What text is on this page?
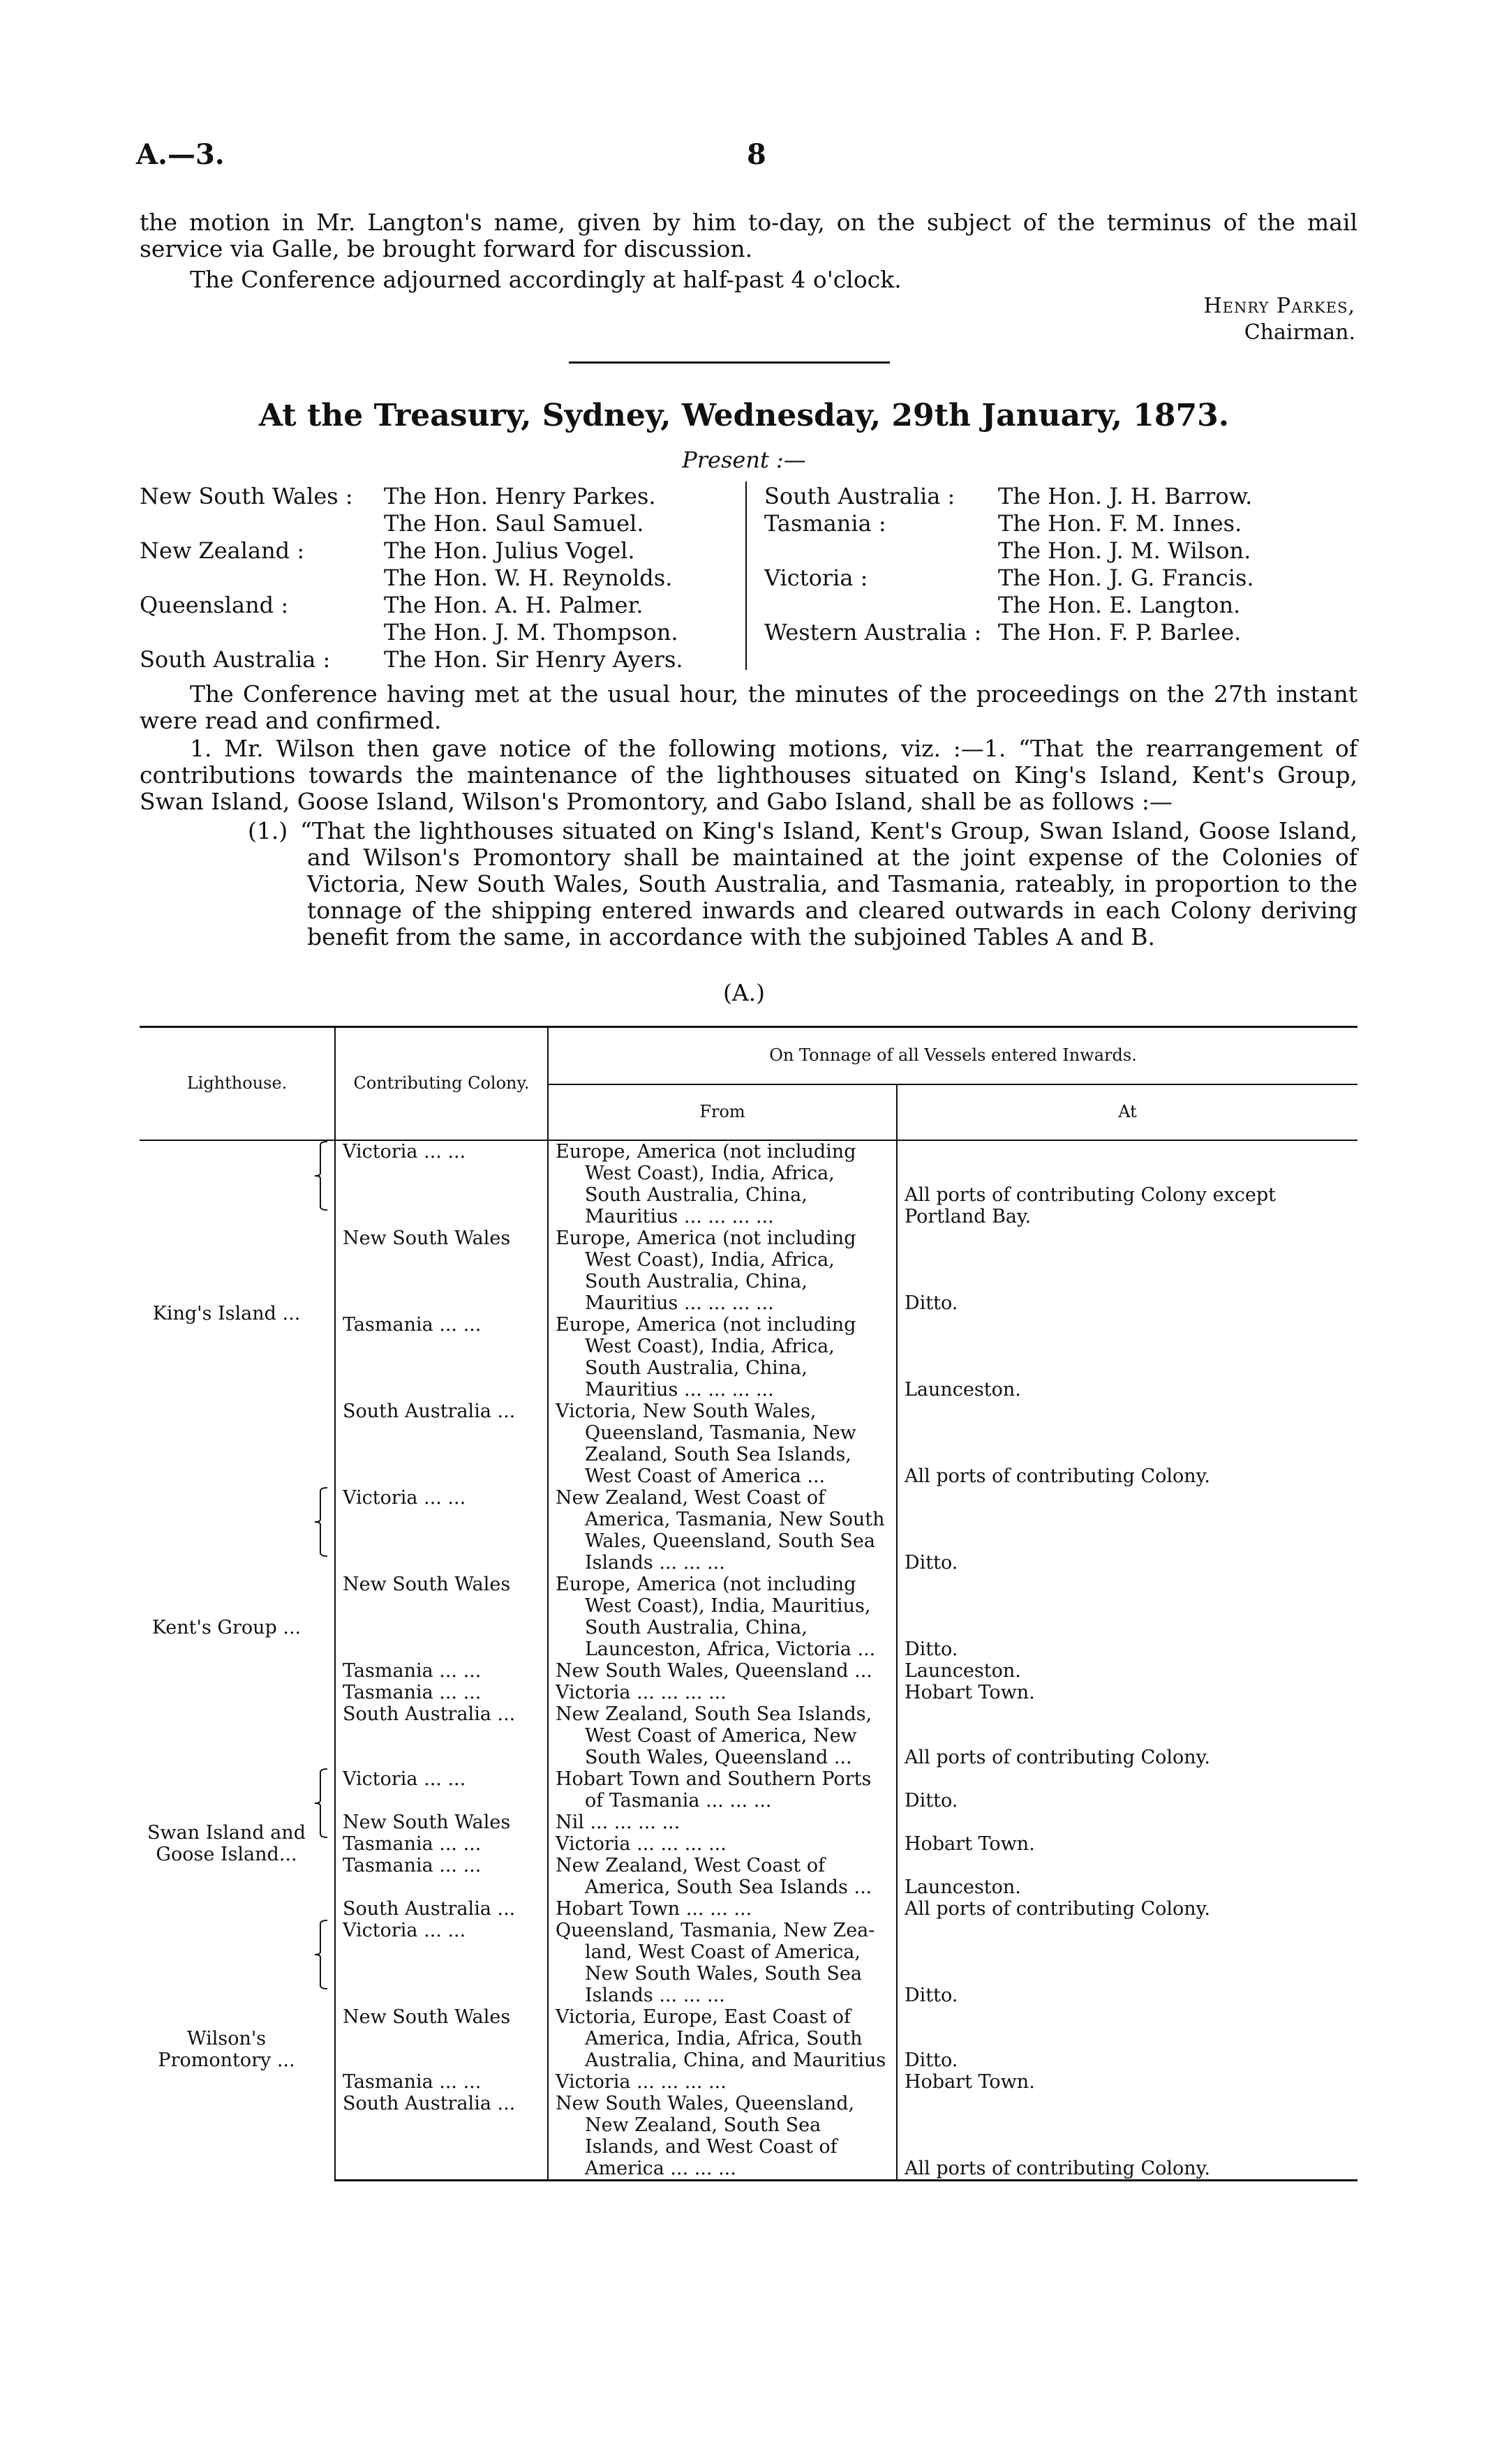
A.—3.	8
the motion in Mr. Langton's name, given by him to-day, on the subject of the terminus of the mail service via Galle, be brought forward for discussion.
The Conference adjourned accordingly at half-past 4 o'clock.
Henry Parkes,
Chairman.
At the Treasury, Sydney, Wednesday, 29th January, 1873.
Present :—
New South Wales : The Hon. Henry Parkes.
The Hon. Saul Samuel.
New Zealand :	The Hon. Julius Vogel.
The Hon. W. H. Reynolds.
Queensland :	The Hon. A. H. Palmer.
The Hon. J. M. Thompson.
South Australia : The Hon. Sir Henry Ayers.
South Australia : The Hon. J. H. Barrow.
Tasmania :	The Hon. F. M. Innes.
The Hon. J. M. Wilson.
Victoria :	The Hon. J. G. Francis.
The Hon. E. Langton.
Western Australia : The Hon. F. P. Barlee.
The Conference having met at the usual hour, the minutes of the proceedings on the 27th instant were read and confirmed.
1. Mr. Wilson then gave notice of the following motions, viz. :—1. “That the rearrangement of contributions towards the maintenance of the lighthouses situated on King's Island, Kent's Group, Swan Island, Goose Island, Wilson's Promontory, and Gabo Island, shall be as follows :—
(1.) “That the lighthouses situated on King's Island, Kent's Group, Swan Island, Goose Island, and Wilson's Promontory shall be maintained at the joint expense of the Colonies of Victoria, New South Wales, South Australia, and Tasmania, rateably, in proportion to the tonnage of the shipping entered inwards and cleared outwards in each Colony deriving benefit from the same, in accordance with the subjoined Tables A and B.
(A.)
Lighthouse.	Contributing Colony.	On Tonnage of all Vessels entered Inwards.	
		From	At
King's Island ...	Victoria ... ...	Europe, America (not including
West Coast), India, Africa, South Australia, China, Mauritius ... ... ... ...	All ports of contributing Colony except Portland Bay.
	New South Wales	Europe, America (not including
West Coast), India, Africa, South Australia, China, Mauritius ... ... ... ...	Ditto.
	Tasmania ... ...	Europe, America (not including
West Coast), India, Africa, South Australia, China, Mauritius ... ... ... ...	Launceston.
	South Australia ...	Victoria, New South Wales,
Queensland, Tasmania, New Zealand, South Sea Islands, West Coast of America ...	All ports of contributing Colony.
Kent's Group ...	Victoria ... ...	New Zealand, West Coast of
America, Tasmania, New South Wales, Queensland, South Sea Islands ... ... ...	Ditto.
	New South Wales	Europe, America (not including
West Coast), India, Mauritius, South Australia, China, Launceston, Africa, Victoria ...	Ditto.
	Tasmania ... ...	New South Wales, Queensland ...	Launceston.
	Tasmania ... ...	Victoria ... ... ... ...	Hobart Town.
	South Australia ...	New Zealand, South Sea Islands,
West Coast of America, New South Wales, Queensland ...	All ports of contributing Colony.
Swan Island and Goose Island...	Victoria ... ...	Hobart Town and Southern Ports
of Tasmania ... ... ...	Ditto.
	New South Wales	Nil ... ... ... ...	

	Tasmania ... ...	Victoria ... ... ... ...	Hobart Town.
	Tasmania ... ...	New Zealand, West Coast of
America, South Sea Islands ...	Launceston.
	South Australia ...	Hobart Town ... ... ...	All ports of contributing Colony.
Wilson's Promontory ...	Victoria ... ...	Queensland, Tasmania, New Zea-
land, West Coast of America, New South Wales, South Sea Islands ... ... ...	Ditto.
	New South Wales	Victoria, Europe, East Coast of
America, India, Africa, South Australia, China, and Mauritius	Ditto.
	Tasmania ... ...	Victoria ... ... ... ...	Hobart Town.
	South Australia ...	New South Wales, Queensland,
New Zealand, South Sea Islands, and West Coast of America ... ... ...	All ports of contributing Colony.
